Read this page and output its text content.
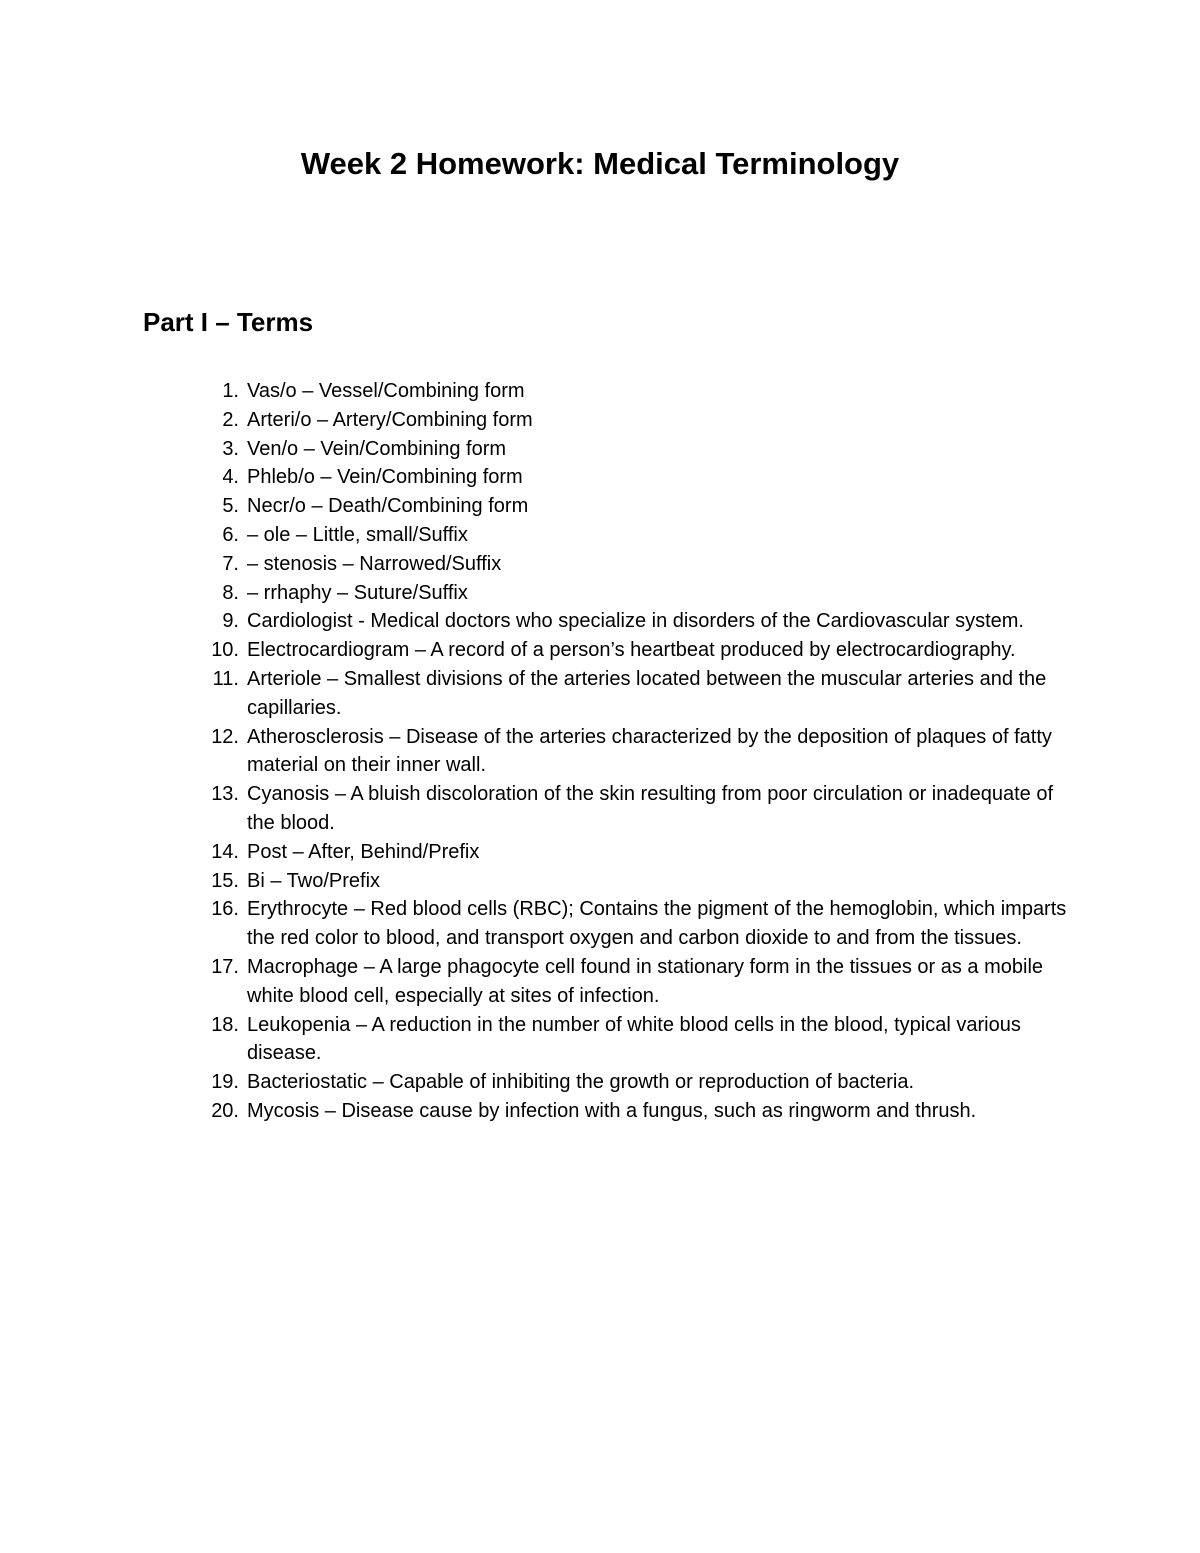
Week 2 Homework: Medical Terminology
Part I – Terms
1. Vas/o – Vessel/Combining form
2. Arteri/o – Artery/Combining form
3. Ven/o – Vein/Combining form
4. Phleb/o – Vein/Combining form
5. Necr/o – Death/Combining form
6. – ole – Little, small/Suffix
7. – stenosis – Narrowed/Suffix
8. – rrhaphy – Suture/Suffix
9. Cardiologist - Medical doctors who specialize in disorders of the Cardiovascular system.
10. Electrocardiogram – A record of a person’s heartbeat produced by electrocardiography.
11. Arteriole – Smallest divisions of the arteries located between the muscular arteries and the capillaries.
12. Atherosclerosis – Disease of the arteries characterized by the deposition of plaques of fatty material on their inner wall.
13. Cyanosis – A bluish discoloration of the skin resulting from poor circulation or inadequate of the blood.
14. Post – After, Behind/Prefix
15. Bi – Two/Prefix
16. Erythrocyte – Red blood cells (RBC); Contains the pigment of the hemoglobin, which imparts the red color to blood, and transport oxygen and carbon dioxide to and from the tissues.
17. Macrophage – A large phagocyte cell found in stationary form in the tissues or as a mobile white blood cell, especially at sites of infection.
18. Leukopenia – A reduction in the number of white blood cells in the blood, typical various disease.
19. Bacteriostatic – Capable of inhibiting the growth or reproduction of bacteria.
20. Mycosis – Disease cause by infection with a fungus, such as ringworm and thrush.
